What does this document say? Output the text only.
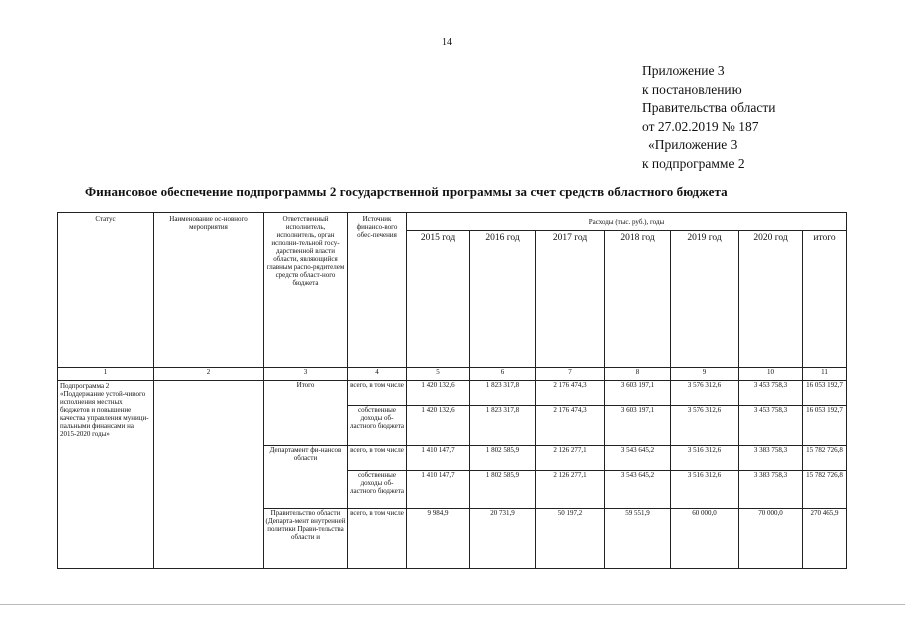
14
Приложение 3
к постановлению
Правительства области
от 27.02.2019 № 187
«Приложение 3
к подпрограмме 2
Финансовое обеспечение подпрограммы 2 государственной программы за счет средств областного бюджета
Статус	Наименование ос-новного мероприятия	Ответственный исполнитель, исполнитель, орган исполни-тельной госу-дарственной власти области, являющийся главным распо-рядителем средств област-ного бюджета	Источник финансо-вого обес-печения	Расходы (тыс. руб.), годы						
				2015 год	2016 год	2017 год	2018 год	2019 год	2020 год	итого
1	2	3	4	5	6	7	8	9	10	11
Подпрограмма 2 «Поддержание устой-чивого исполнения местных бюджетов и повышение качества управления муници-пальными финансами на 2015-2020 годы»		Итого	всего, в том числе	1 420 132,6	1 823 317,8	2 176 474,3	3 603 197,1	3 576 312,6	3 453 758,3	16 053 192,7
			собственные доходы об-ластного бюджета	1 420 132,6	1 823 317,8	2 176 474,3	3 603 197,1	3 576 312,6	3 453 758,3	16 053 192,7
		Департамент фи-нансов области	всего, в том числе	1 410 147,7	1 802 585,9	2 126 277,1	3 543 645,2	3 516 312,6	3 383 758,3	15 782 726,8
			собственные доходы об-ластного бюджета	1 410 147,7	1 802 585,9	2 126 277,1	3 543 645,2	3 516 312,6	3 383 758,3	15 782 726,8
		Правительство области (Департа-мент внутренней политики Прави-тельства области и	всего, в том числе	9 984,9	20 731,9	50 197,2	59 551,9	60 000,0	70 000,0	270 465,9
